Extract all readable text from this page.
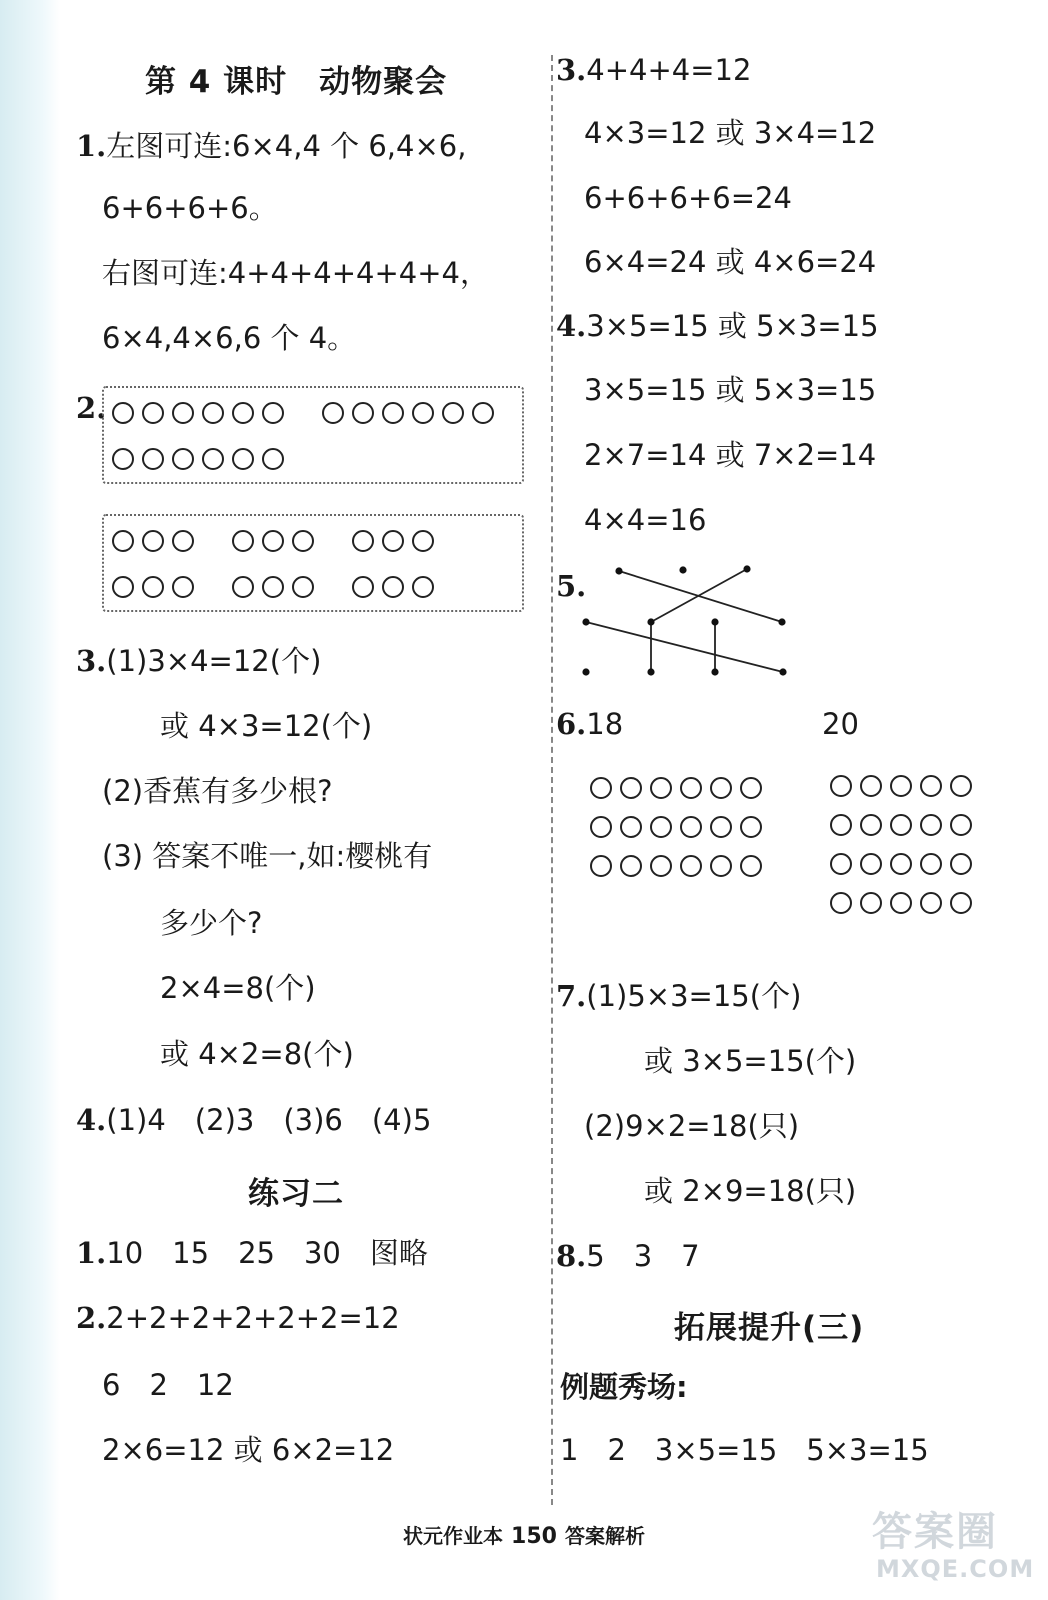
第 4 课时　动物聚会
1.左图可连:6×4,4 个 6,4×6,
6+6+6+6。
右图可连:4+4+4+4+4+4，
6×4,4×6,6 个 4。
2.
3.(1)3×4=12(个)
或 4×3=12(个)
(2)香蕉有多少根?
(3) 答案不唯一,如:樱桃有
多少个?
2×4=8(个)
或 4×2=8(个)
4.(1)4　(2)3　(3)6　(4)5
练习二
1.10　15　25　30　图略
2.2+2+2+2+2+2=12
6　2　12
2×6=12 或 6×2=12
3.4+4+4=12
4×3=12 或 3×4=12
6+6+6+6=24
6×4=24 或 4×6=24
4.3×5=15 或 5×3=15
3×5=15 或 5×3=15
2×7=14 或 7×2=14
4×4=16
5.
6.18	20
7.(1)5×3=15(个)
或 3×5=15(个)
(2)9×2=18(只)
或 2×9=18(只)
8.5　3　7
拓展提升(三)
例题秀场:
1　2　3×5=15　5×3=15
状元作业本 150 答案解析	答案圈
MXQE.COM
